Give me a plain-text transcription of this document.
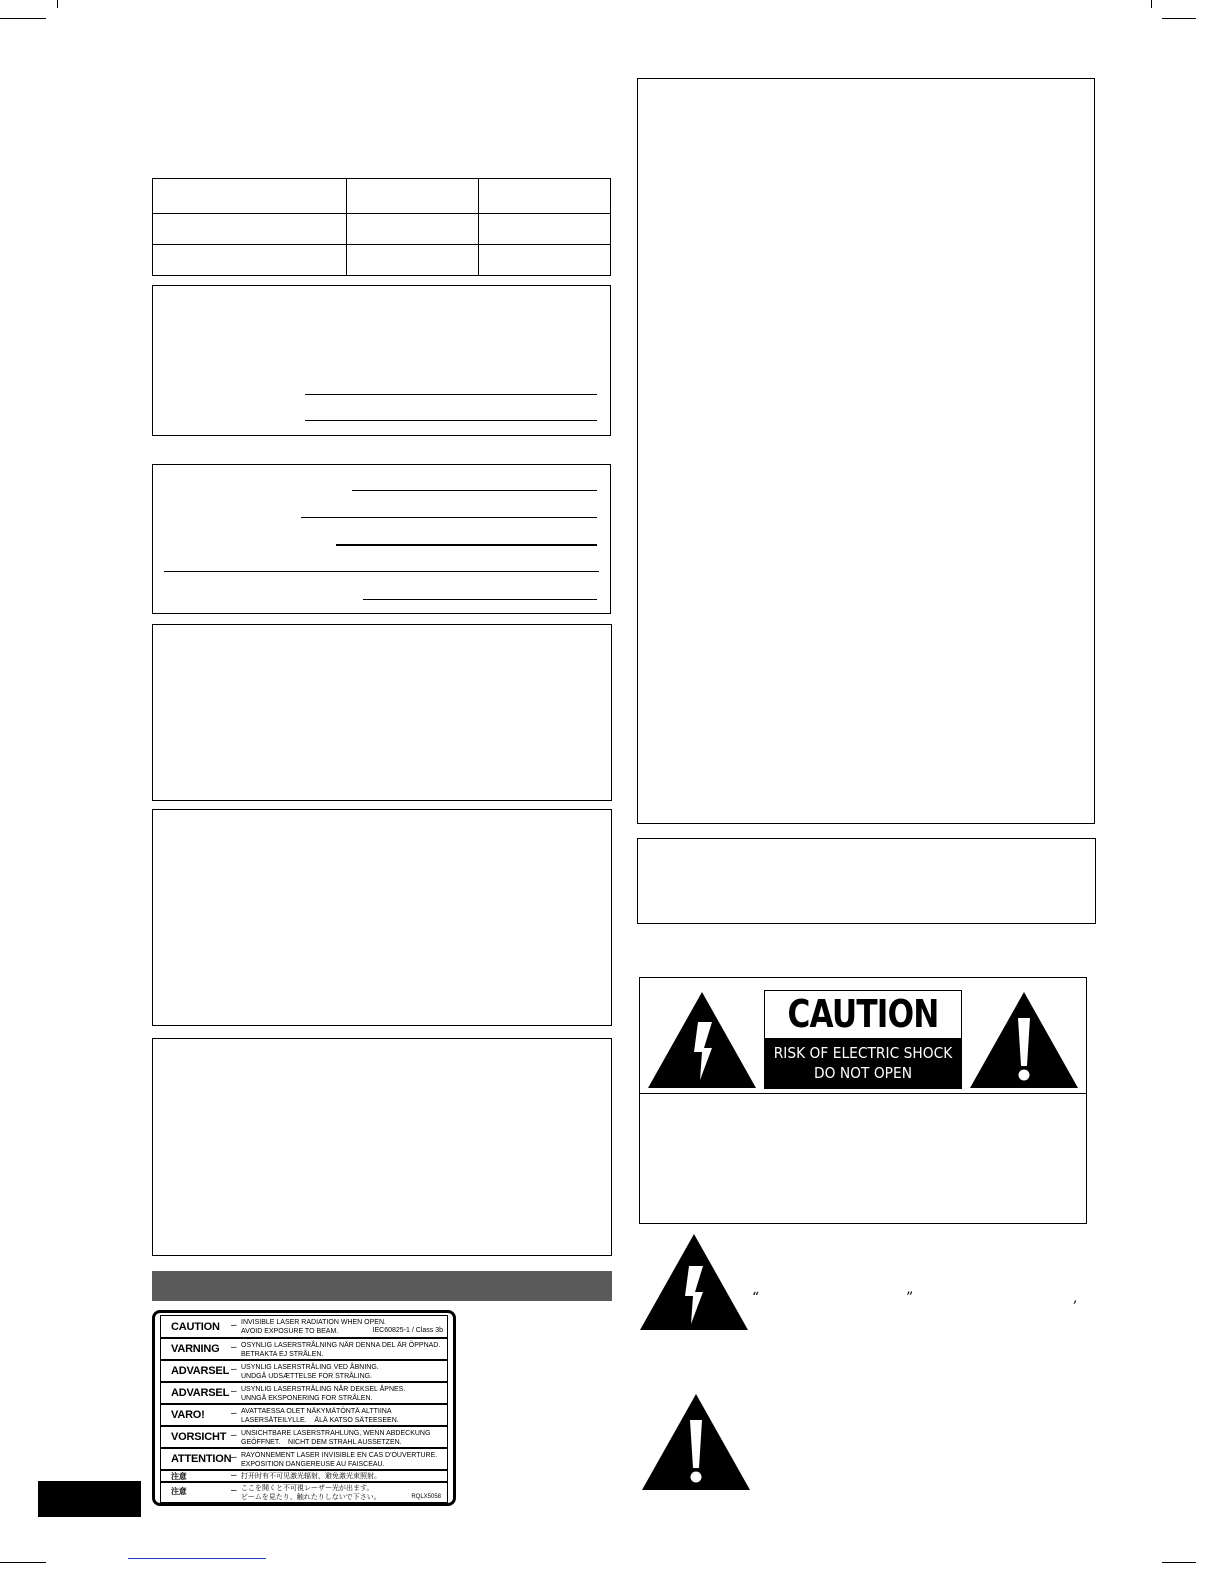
CAUTION – INVISIBLE LASER RADIATION WHEN OPEN.
AVOID EXPOSURE TO BEAM.	IEC60825-1 / Class 3b
VARNING – OSYNLIG LASERSTRÅLNING NÄR DENNA DEL ÄR ÖPPNAD.
BETRAKTA EJ STRÅLEN.
ADVARSEL – USYNLIG LASERSTRÅLING VED ÅBNING.
UNDGÅ UDSÆTTELSE FOR STRÅLING.
ADVARSEL – USYNLIG LASERSTRÅLING NÅR DEKSEL ÅPNES.
UNNGÅ EKSPONERING FOR STRÅLEN.
VARO!	– AVATTAESSA OLET NÄKYMÄTÖNTÄ ALTTIINA
LASERSÄTEILYLLE.    ÄLÄ KATSO SÄTEESEEN.
VORSICHT – UNSICHTBARE LASERSTRAHLUNG, WENN ABDECKUNG
GEÖFFNET.    NICHT DEM STRAHL AUSSETZEN.
ATTENTION – RAYONNEMENT LASER INVISIBLE EN CAS D'OUVERTURE.
EXPOSITION DANGEREUSE AU FAISCEAU.
注意	– 打开时有不可见激光辐射，避免激光束照射。
注意	– ここを開くと不可視レーザー光が出ます。
ビームを見たり、触れたりしないで下さい。	RQLX5058
CAUTION
RISK OF ELECTRIC SHOCK
DO NOT OPEN
“	”	,
